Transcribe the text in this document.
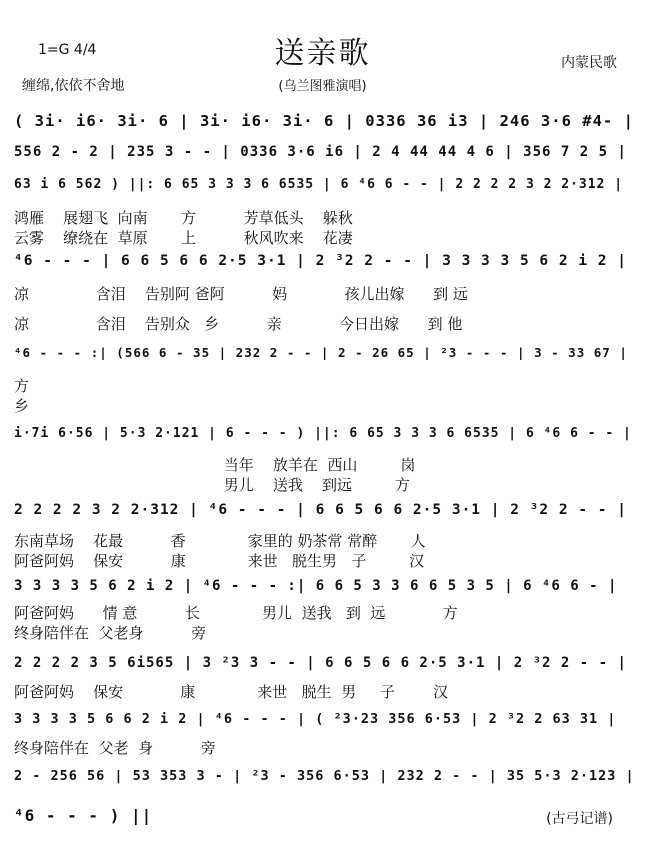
1=G 4/4	送亲歌	内蒙民歌
缠绵,依依不舍地	(乌兰图雅演唱)
( 3i· i6· 3i· 6 | 3i· i6· 3i· 6 | 0336 36 i3 | 246 3·6 #4- |
556 2 - 2 | 235 3 - - | 0336 3·6 i6 | 2 4 44 44 4 6 | 356 7 2 5 |
63 i 6 562 ) ||: 6 65 3 3 3 6 6535 | 6 ⁴6 6 - - | 2 2 2 2 3 2 2·312 |
鸿雁    展翅飞  向南       方          芳草低头    躲秋
云雾    缭绕在  草原       上          秋风吹来    花凄
⁴6 - - - | 6 6 5 6 6 2·5 3·1 | 2 ³2 2 - - | 3 3 3 3 5 6 2 i 2 |
凉              含泪    告别阿 爸阿          妈            孩儿出嫁      到 远
凉              含泪    告别众   乡          亲            今日出嫁      到 他
⁴6 - - - :| (566 6 - 35 | 232 2 - - | 2 - 26 65 | ²3 - - - | 3 - 33 67 |
方
乡
i·7i 6·56 | 5·3 2·121 | 6 - - - ) ||: 6 65 3 3 3 6 6535 | 6 ⁴6 6 - - |
当年    放羊在  西山         岗
男儿    送我    到远         方
2 2 2 2 3 2 2·312 | ⁴6 - - - | 6 6 5 6 6 2·5 3·1 | 2 ³2 2 - - |
东南草场    花最          香             家里的 奶茶常 常醉       人
阿爸阿妈    保安          康             来世   脱生男   子         汉
3 3 3 3 5 6 2 i 2 | ⁴6 - - - :| 6 6 5 3 3 6 6 5 3 5 | 6 ⁴6 6 - |
阿爸阿妈      情 意          长             男儿  送我   到  远            方
终身陪伴在  父老身          旁
2 2 2 2 3 5 6i565 | 3 ²3 3 - - | 6 6 5 6 6 2·5 3·1 | 2 ³2 2 - - |
阿爸阿妈    保安            康             来世   脱生  男     子        汉
3 3 3 3 5 6 6 2 i 2 | ⁴6 - - - | ( ²3·23 356 6·53 | 2 ³2 2 63 31 |
终身陪伴在  父老  身          旁
2 - 256 56 | 53 353 3 - | ²3 - 356 6·53 | 232 2 - - | 35 5·3 2·123 |
⁴6 - - - ) ||	(古弓记谱)
